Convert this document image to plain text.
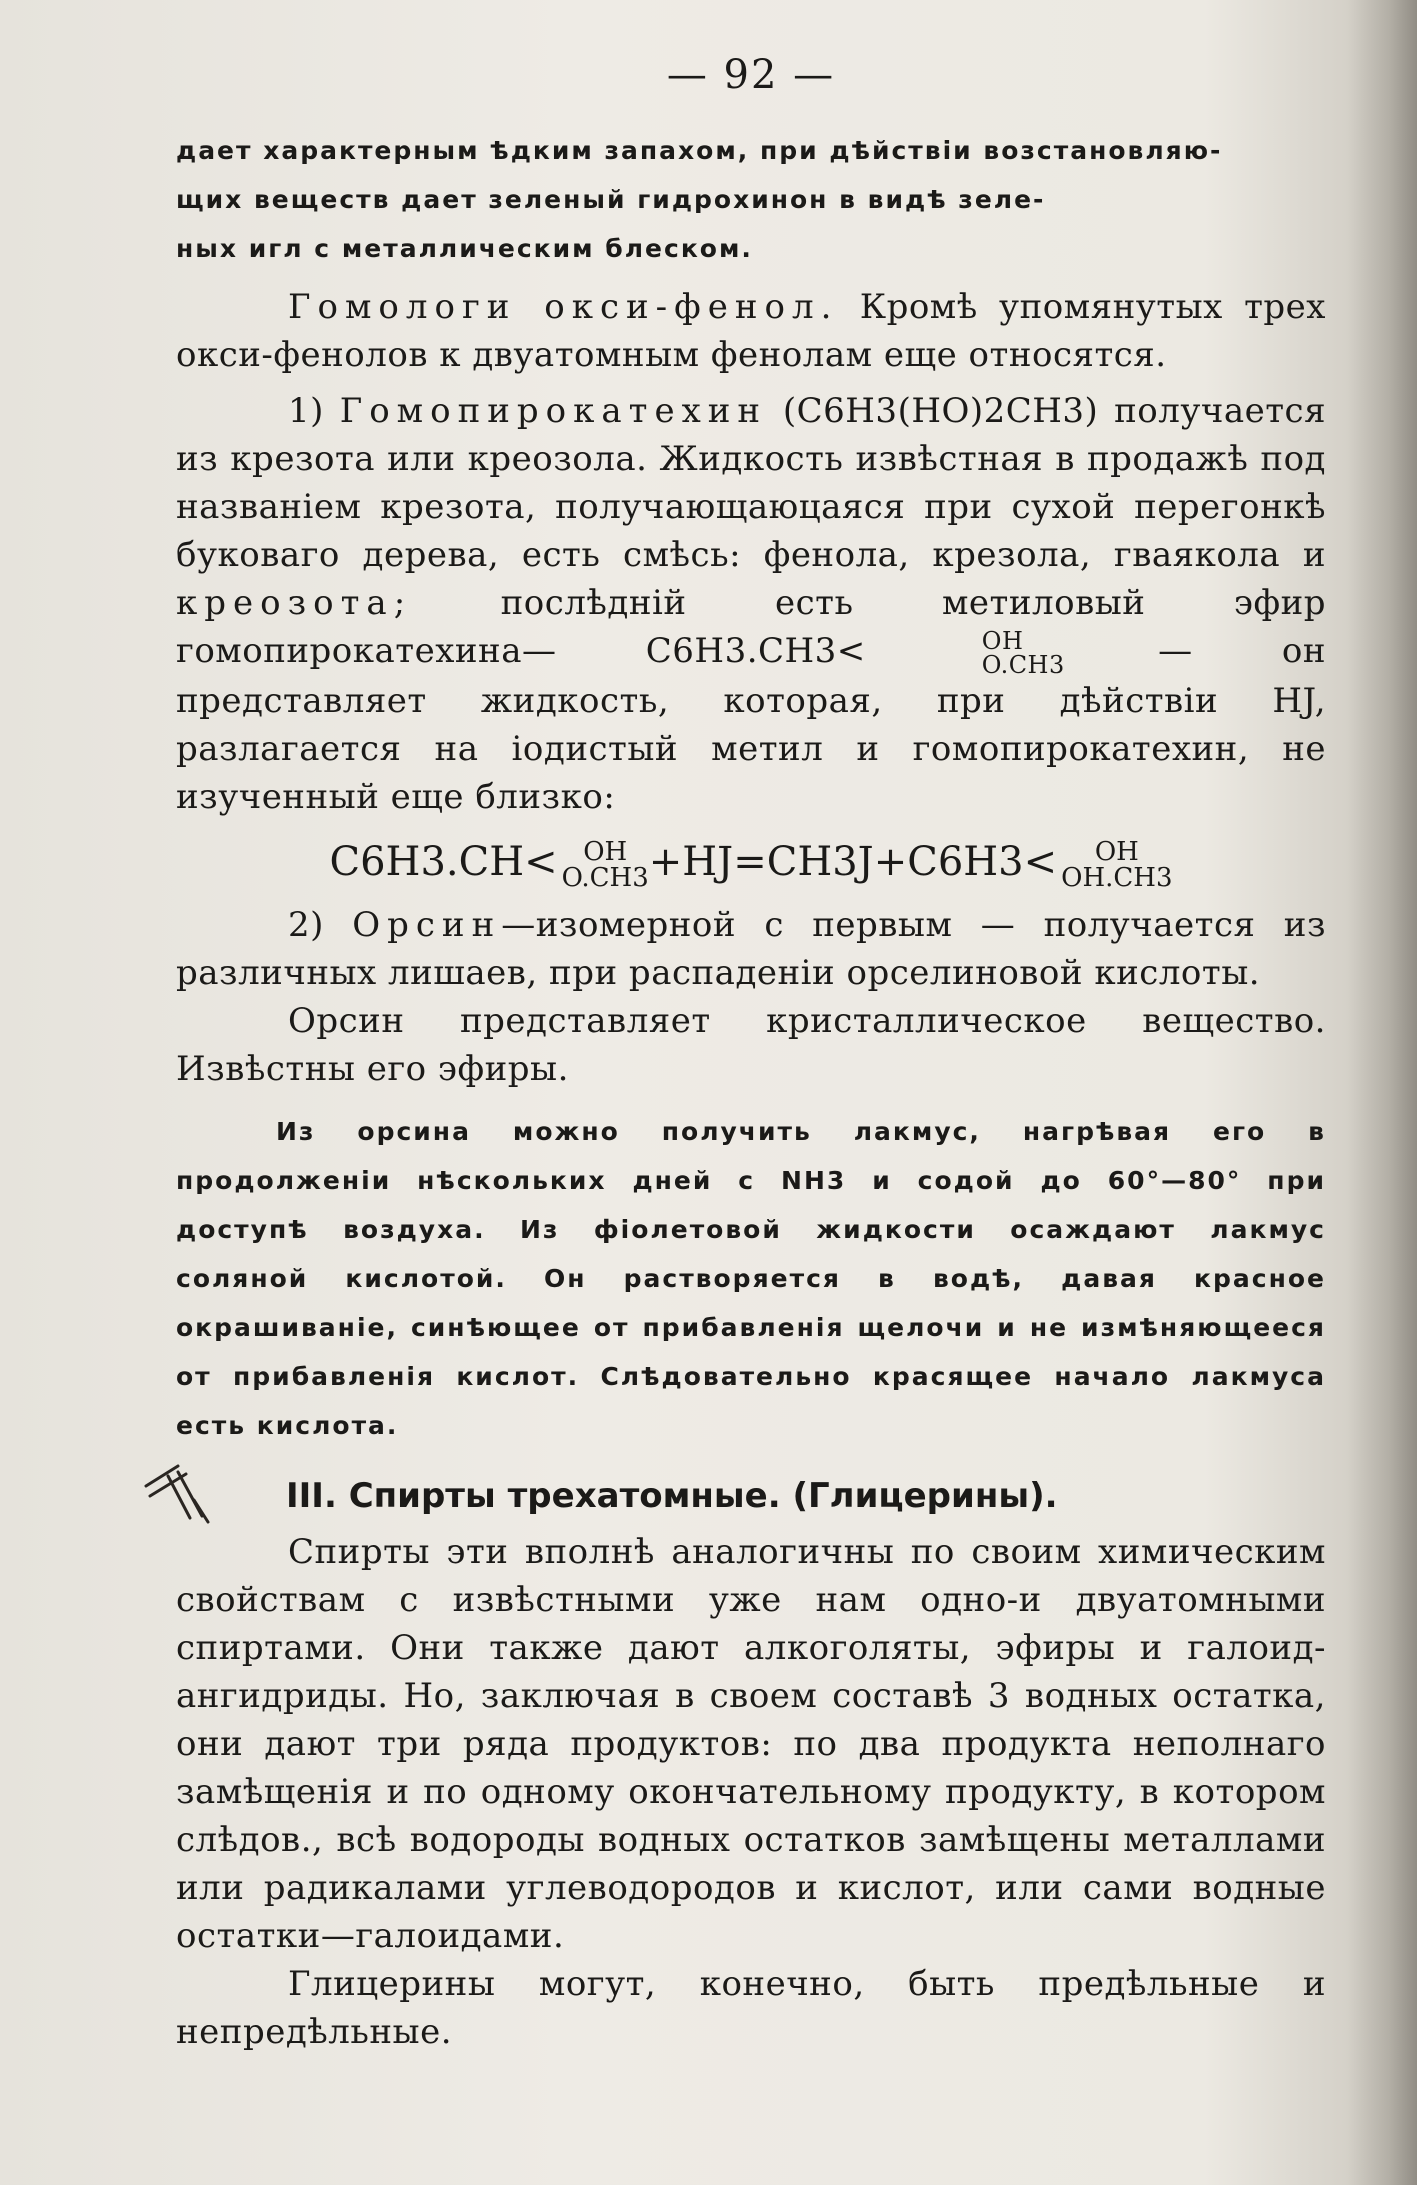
— 92 —

дает характерным ѣдким запахом, при дѣйствіи возстановляю-

щих веществ дает зеленый гидрохинон в видѣ зеле-

ных игл с металлическим блеском.

Гомологи окси-фенол. Кромѣ упомянутых трех окси-фенолов к двуатомным фенолам еще относятся.

1) Гомопирокатехин (C6H3(HO)2CH3) получается из крезота или креозола. Жидкость извѣстная в продажѣ под названіем крезота, получающаюцаяся при сухой перегонкѣ буковаго дерева, есть смѣсь: фенола, крезола, гваякола и креозота;	послѣдній есть метиловый эфир гомопирокатехина— C6H3.CH3<	OH
O.CH3	— он представляет жидкость, которая, при дѣйствіи HJ, разлагается на іодистый метил и гомопирокатехин, не изученный еще близко:

C6H3.CH< OH
O.CH3 +HJ=CH3J+C6H3<	OH
OH.CH3

2) Орсин—изомерной с первым — получается из различных лишаев, при распаденіи орселиновой кислоты.

Орсин представляет кристаллическое вещество. Извѣстны его эфиры.

Из орсина можно получить лакмус, нагрѣвая его в продолженіи нѣскольких дней с NH3 и содой до 60°—80° при доступѣ воздуха. Из фіолетовой жидкости осаждают лакмус соляной кислотой. Он растворяется в водѣ, давая красное окрашиваніе, синѣющее от прибавленія щелочи и не измѣняющееся от прибавленія кислот. Слѣдовательно красящее начало лакмуса есть кислота.

III. Спирты трехатомные. (Глицерины).

Спирты эти вполнѣ аналогичны по своим химическим свойствам с извѣстными уже нам одно-и двуатомными спиртами. Они также дают алкоголяты, эфиры и галоид-ангидриды. Но, заключая в своем составѣ 3 водных остатка, они дают три ряда продуктов: по два продукта неполнаго замѣщенія и по одному окончательному продукту, в котором слѣдов., всѣ водороды водных остатков замѣщены металлами или радикалами углеводородов и кислот, или сами водные остатки—галоидами.

Глицерины могут, конечно, быть предѣльные и непредѣльные.
